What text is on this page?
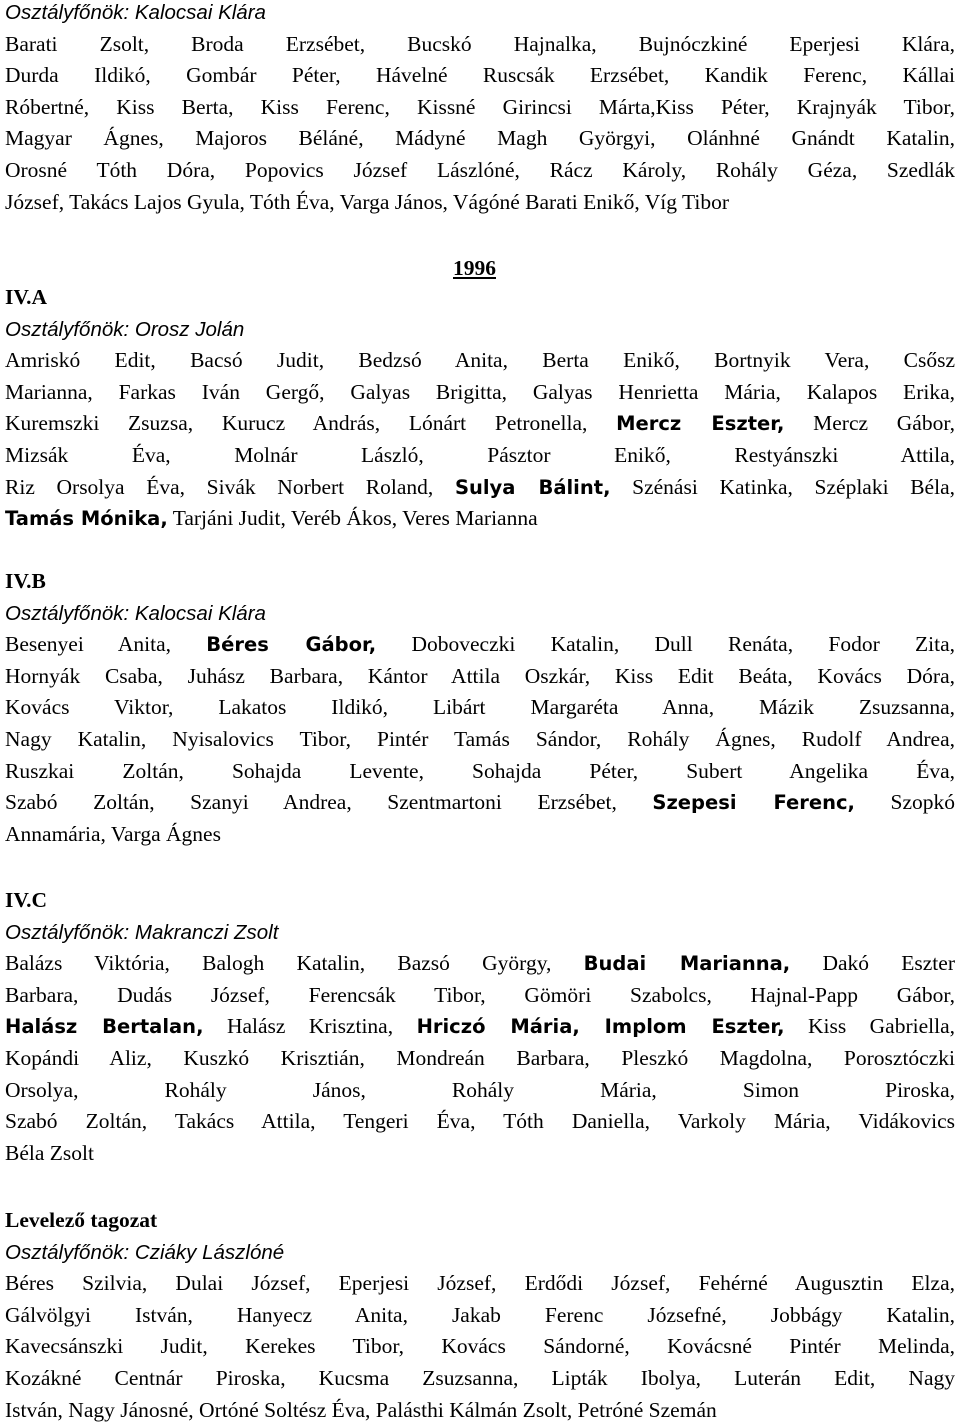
Osztályfőnök: Kalocsai Klára
Barati Zsolt, Broda Erzsébet, Bucskó Hajnalka, Bujnóczkiné Eperjesi Klára,
Durda Ildikó, Gombár Péter, Hávelné Ruscsák Erzsébet, Kandik Ferenc, Kállai
Róbertné, Kiss Berta, Kiss Ferenc, Kissné Girincsi Márta,Kiss Péter, Krajnyák Tibor,
Magyar Ágnes, Majoros Béláné, Mádyné Magh Györgyi, Olánhné Gnándt Katalin,
Orosné Tóth Dóra, Popovics József Lászlóné, Rácz Károly, Rohály Géza, Szedlák
József, Takács Lajos Gyula, Tóth Éva, Varga János, Vágóné Barati Enikő, Víg Tibor
1996
IV.A
Osztályfőnök: Orosz Jolán
Amriskó Edit, Bacsó Judit, Bedzsó Anita, Berta Enikő, Bortnyik Vera, Csősz
Marianna, Farkas Iván Gergő, Galyas Brigitta, Galyas Henrietta Mária, Kalapos Erika,
Kuremszki Zsuzsa, Kurucz András, Lónárt Petronella, Mercz Eszter, Mercz Gábor,
Mizsák Éva, Molnár László, Pásztor Enikő, Restyánszki Attila,
Riz Orsolya Éva, Sivák Norbert Roland, Sulya Bálint, Szénási Katinka, Széplaki Béla,
Tamás Mónika, Tarjáni Judit, Veréb Ákos, Veres Marianna
IV.B
Osztályfőnök: Kalocsai Klára
Besenyei Anita, Béres Gábor, Doboveczki Katalin, Dull Renáta, Fodor Zita,
Hornyák Csaba, Juhász Barbara, Kántor Attila Oszkár, Kiss Edit Beáta, Kovács Dóra,
Kovács Viktor, Lakatos Ildikó, Libárt Margaréta Anna, Mázik Zsuzsanna,
Nagy Katalin, Nyisalovics Tibor, Pintér Tamás Sándor, Rohály Ágnes, Rudolf Andrea,
Ruszkai Zoltán, Sohajda Levente, Sohajda Péter, Subert Angelika Éva,
Szabó Zoltán, Szanyi Andrea, Szentmartoni Erzsébet, Szepesi Ferenc, Szopkó
Annamária, Varga Ágnes
IV.C
Osztályfőnök: Makranczi Zsolt
Balázs Viktória, Balogh Katalin, Bazsó György, Budai Marianna, Dakó Eszter
Barbara, Dudás József, Ferencsák Tibor, Gömöri Szabolcs, Hajnal-Papp Gábor,
Halász Bertalan, Halász Krisztina, Hriczó Mária, Implom Eszter, Kiss Gabriella,
Kopándi Aliz, Kuszkó Krisztián, Mondreán Barbara, Pleszkó Magdolna, Porosztóczki
Orsolya, Rohály János, Rohály Mária, Simon Piroska,
Szabó Zoltán, Takács Attila, Tengeri Éva, Tóth Daniella, Varkoly Mária, Vidákovics
Béla Zsolt
Levelező tagozat
Osztályfőnök: Cziáky Lászlóné
Béres Szilvia, Dulai József, Eperjesi József, Erdődi József, Fehérné Augusztin Elza,
Gálvölgyi István, Hanyecz Anita, Jakab Ferenc Józsefné, Jobbágy Katalin,
Kavecsánszki Judit, Kerekes Tibor, Kovács Sándorné, Kovácsné Pintér Melinda,
Kozákné Centnár Piroska, Kucsma Zsuzsanna, Lipták Ibolya, Luterán Edit, Nagy
István, Nagy Jánosné, Ortóné Soltész Éva, Palásthi Kálmán Zsolt, Petróné Szemán
